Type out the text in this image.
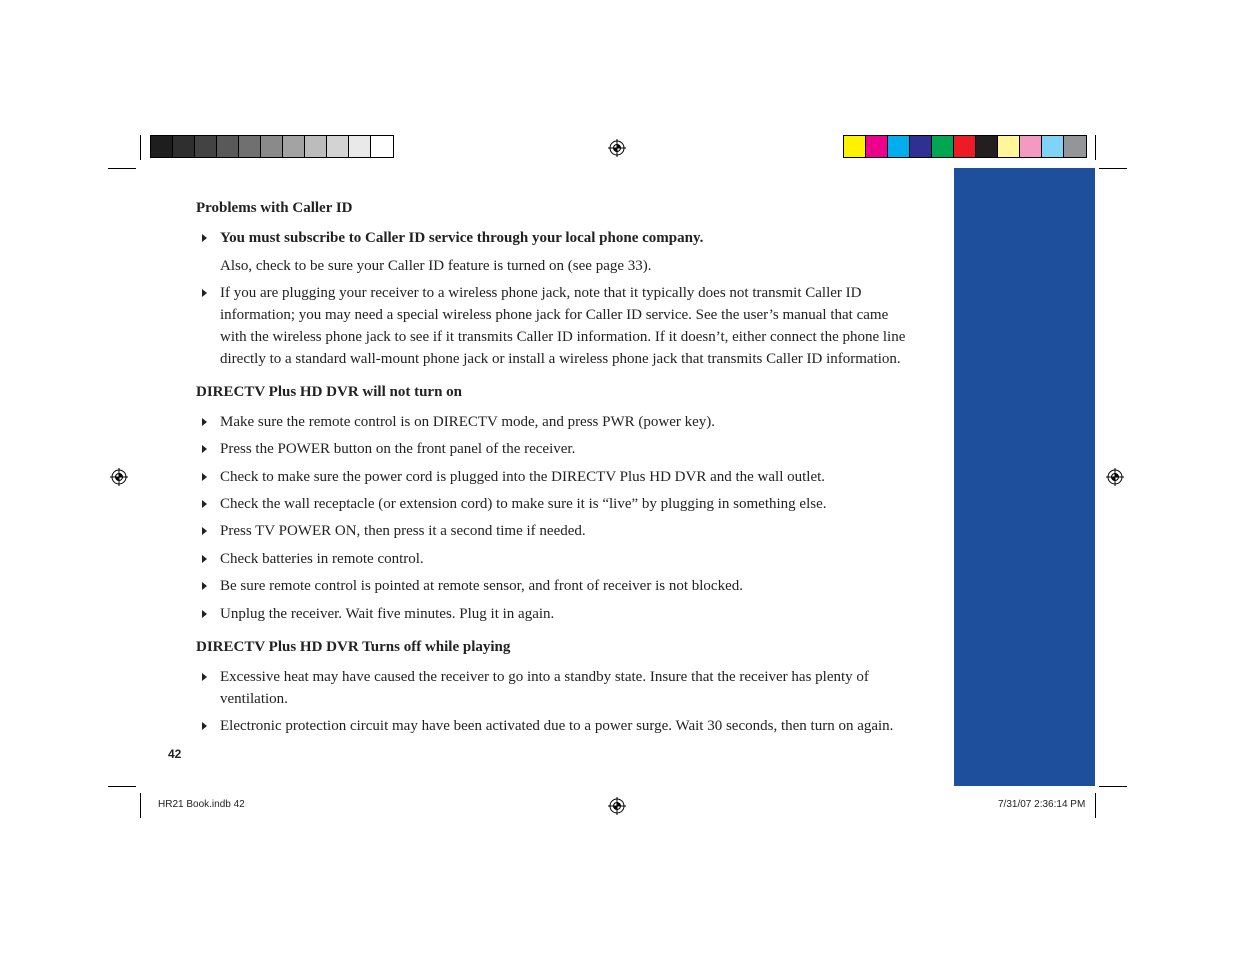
Problems with Caller ID
You must subscribe to Caller ID service through your local phone company.
Also, check to be sure your Caller ID feature is turned on (see page 33).
If you are plugging your receiver to a wireless phone jack, note that it typically does not transmit Caller ID
information; you may need a special wireless phone jack for Caller ID service. See the user’s manual that came
with the wireless phone jack to see if it transmits Caller ID information. If it doesn’t, either connect the phone line
directly to a standard wall-mount phone jack or install a wireless phone jack that transmits Caller ID information.
DIRECTV Plus HD DVR will not turn on
Make sure the remote control is on DIRECTV mode, and press PWR (power key).
Press the POWER button on the front panel of the receiver.
Check to make sure the power cord is plugged into the DIRECTV Plus HD DVR and the wall outlet.
Check the wall receptacle (or extension cord) to make sure it is “live” by plugging in something else.
Press TV POWER ON, then press it a second time if needed.
Check batteries in remote control.
Be sure remote control is pointed at remote sensor, and front of receiver is not blocked.
Unplug the receiver. Wait five minutes. Plug it in again.
DIRECTV Plus HD DVR Turns off while playing
Excessive heat may have caused the receiver to go into a standby state. Insure that the receiver has plenty of
ventilation.
Electronic protection circuit may have been activated due to a power surge. Wait 30 seconds, then turn on again.
42
HR21 Book.indb 42	7/31/07 2:36:14 PM
